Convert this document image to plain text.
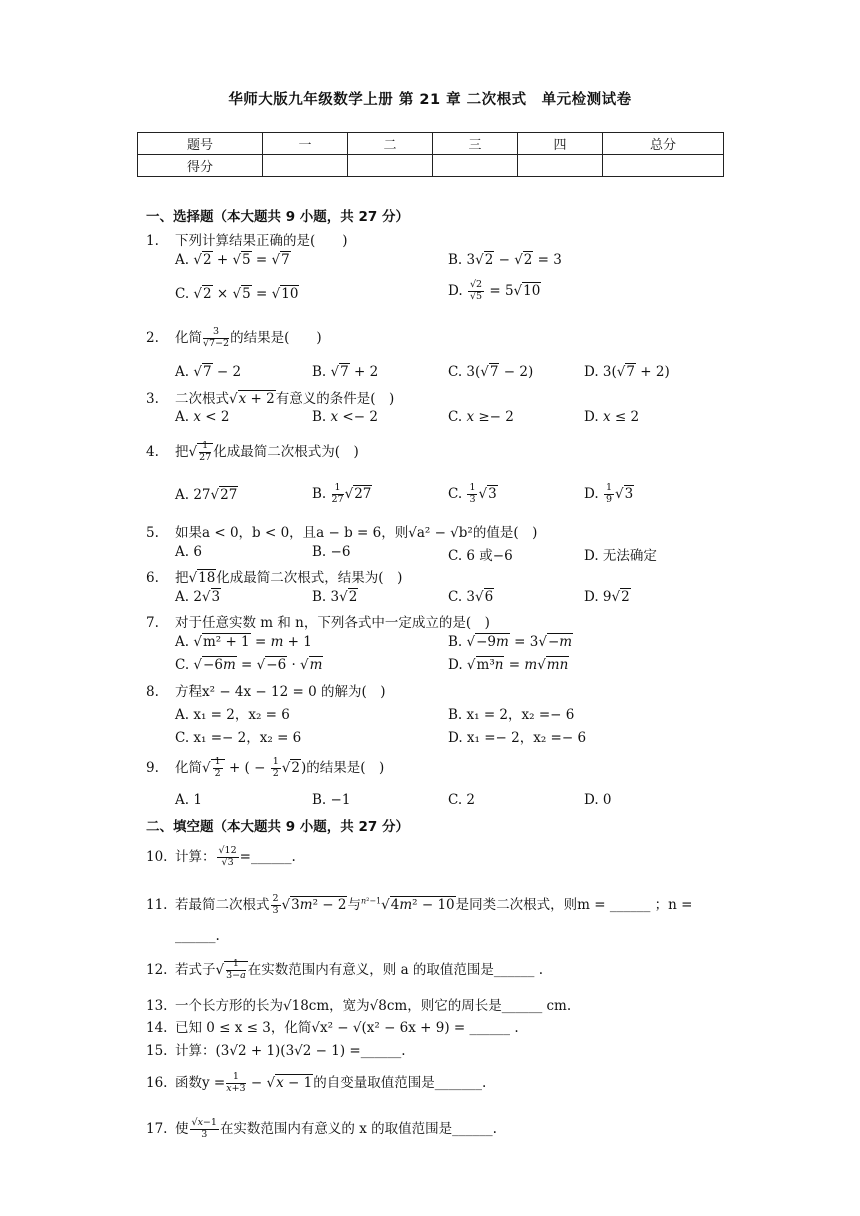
华师大版九年级数学上册 第 21 章 二次根式　单元检测试卷
题号	一	二	三	四	总分
得分					
一、选择题（本大题共 9 小题，共 27 分）
1. 下列计算结果正确的是(　　)
A. √2 + √5 = √7	B. 3√2 − √2 = 3
C. √2 × √5 = √10	D. $\frac{√2}{√5} = 5√10$
2. 化简 $\frac{3}{√7-2}$ 的结果是(　　)
A. √7 − 2	B. √7 + 2	C. 3(√7 − 2)	D. 3(√7 + 2)
3. 二次根式√x + 2有意义的条件是(　)
A. x < 2	B. x <− 2	C. x ≥− 2	D. x ≤ 2
4. 把√ $\frac{1}{27}$ 化成最简二次根式为(　)
A. 27√27	B. $\frac{1}{27} √27$	C. $\frac{1}{3} √3$	D. $\frac{1}{9} √3$
5. 如果a < 0，b < 0，且a − b = 6，则√a² − √b²的值是(　)
A. 6	B. −6	C. 6 或−6	D. 无法确定
6. 把√18化成最简二次根式，结果为(　)
A. 2√3	B. 3√2	C. 3√6	D. 9√2
7. 对于任意实数 m 和 n，下列各式中一定成立的是(　)
A. √m² + 1 = m + 1	B. √−9m = 3√−m
C. √−6m = √−6 · √m	D. √m³n = m√mn
8. 方程x² − 4x − 12 = 0 的解为(　)
A. x₁ = 2，x₂ = 6	B. x₁ = 2，x₂ =− 6
C. x₁ =− 2，x₂ = 6	D. x₁ =− 2，x₂ =− 6
9. 化简√ $\frac{1}{2}$ + ( − $\frac{1}{2} √2$)的结果是(　)
A. 1	B. −1	C. 2	D. 0
二、填空题（本大题共 9 小题，共 27 分）
10. 计算： $\frac{√12}{√3}$ =______.
11. 若最简二次根式 $\frac{2}{3} √3m^2 - 2$与$^{n^2-1}$√4m² − 10是同类二次根式，则m = ______ ；n =
______.
12. 若式子√ $\frac{1}{3-a}$ 在实数范围内有意义，则 a 的取值范围是______ .
13. 一个长方形的长为√18cm，宽为√8cm，则它的周长是______ cm.
14. 已知 0 ≤ x ≤ 3，化简√x² − √(x² − 6x + 9) = ______ .
15. 计算：(3√2 + 1)(3√2 − 1) =______.
16. 函数$y = \frac{1}{x+3} - √x - 1$的自变量取值范围是_______.
17. 使 $\frac{√x-1}{3}$ 在实数范围内有意义的 x 的取值范围是______.
